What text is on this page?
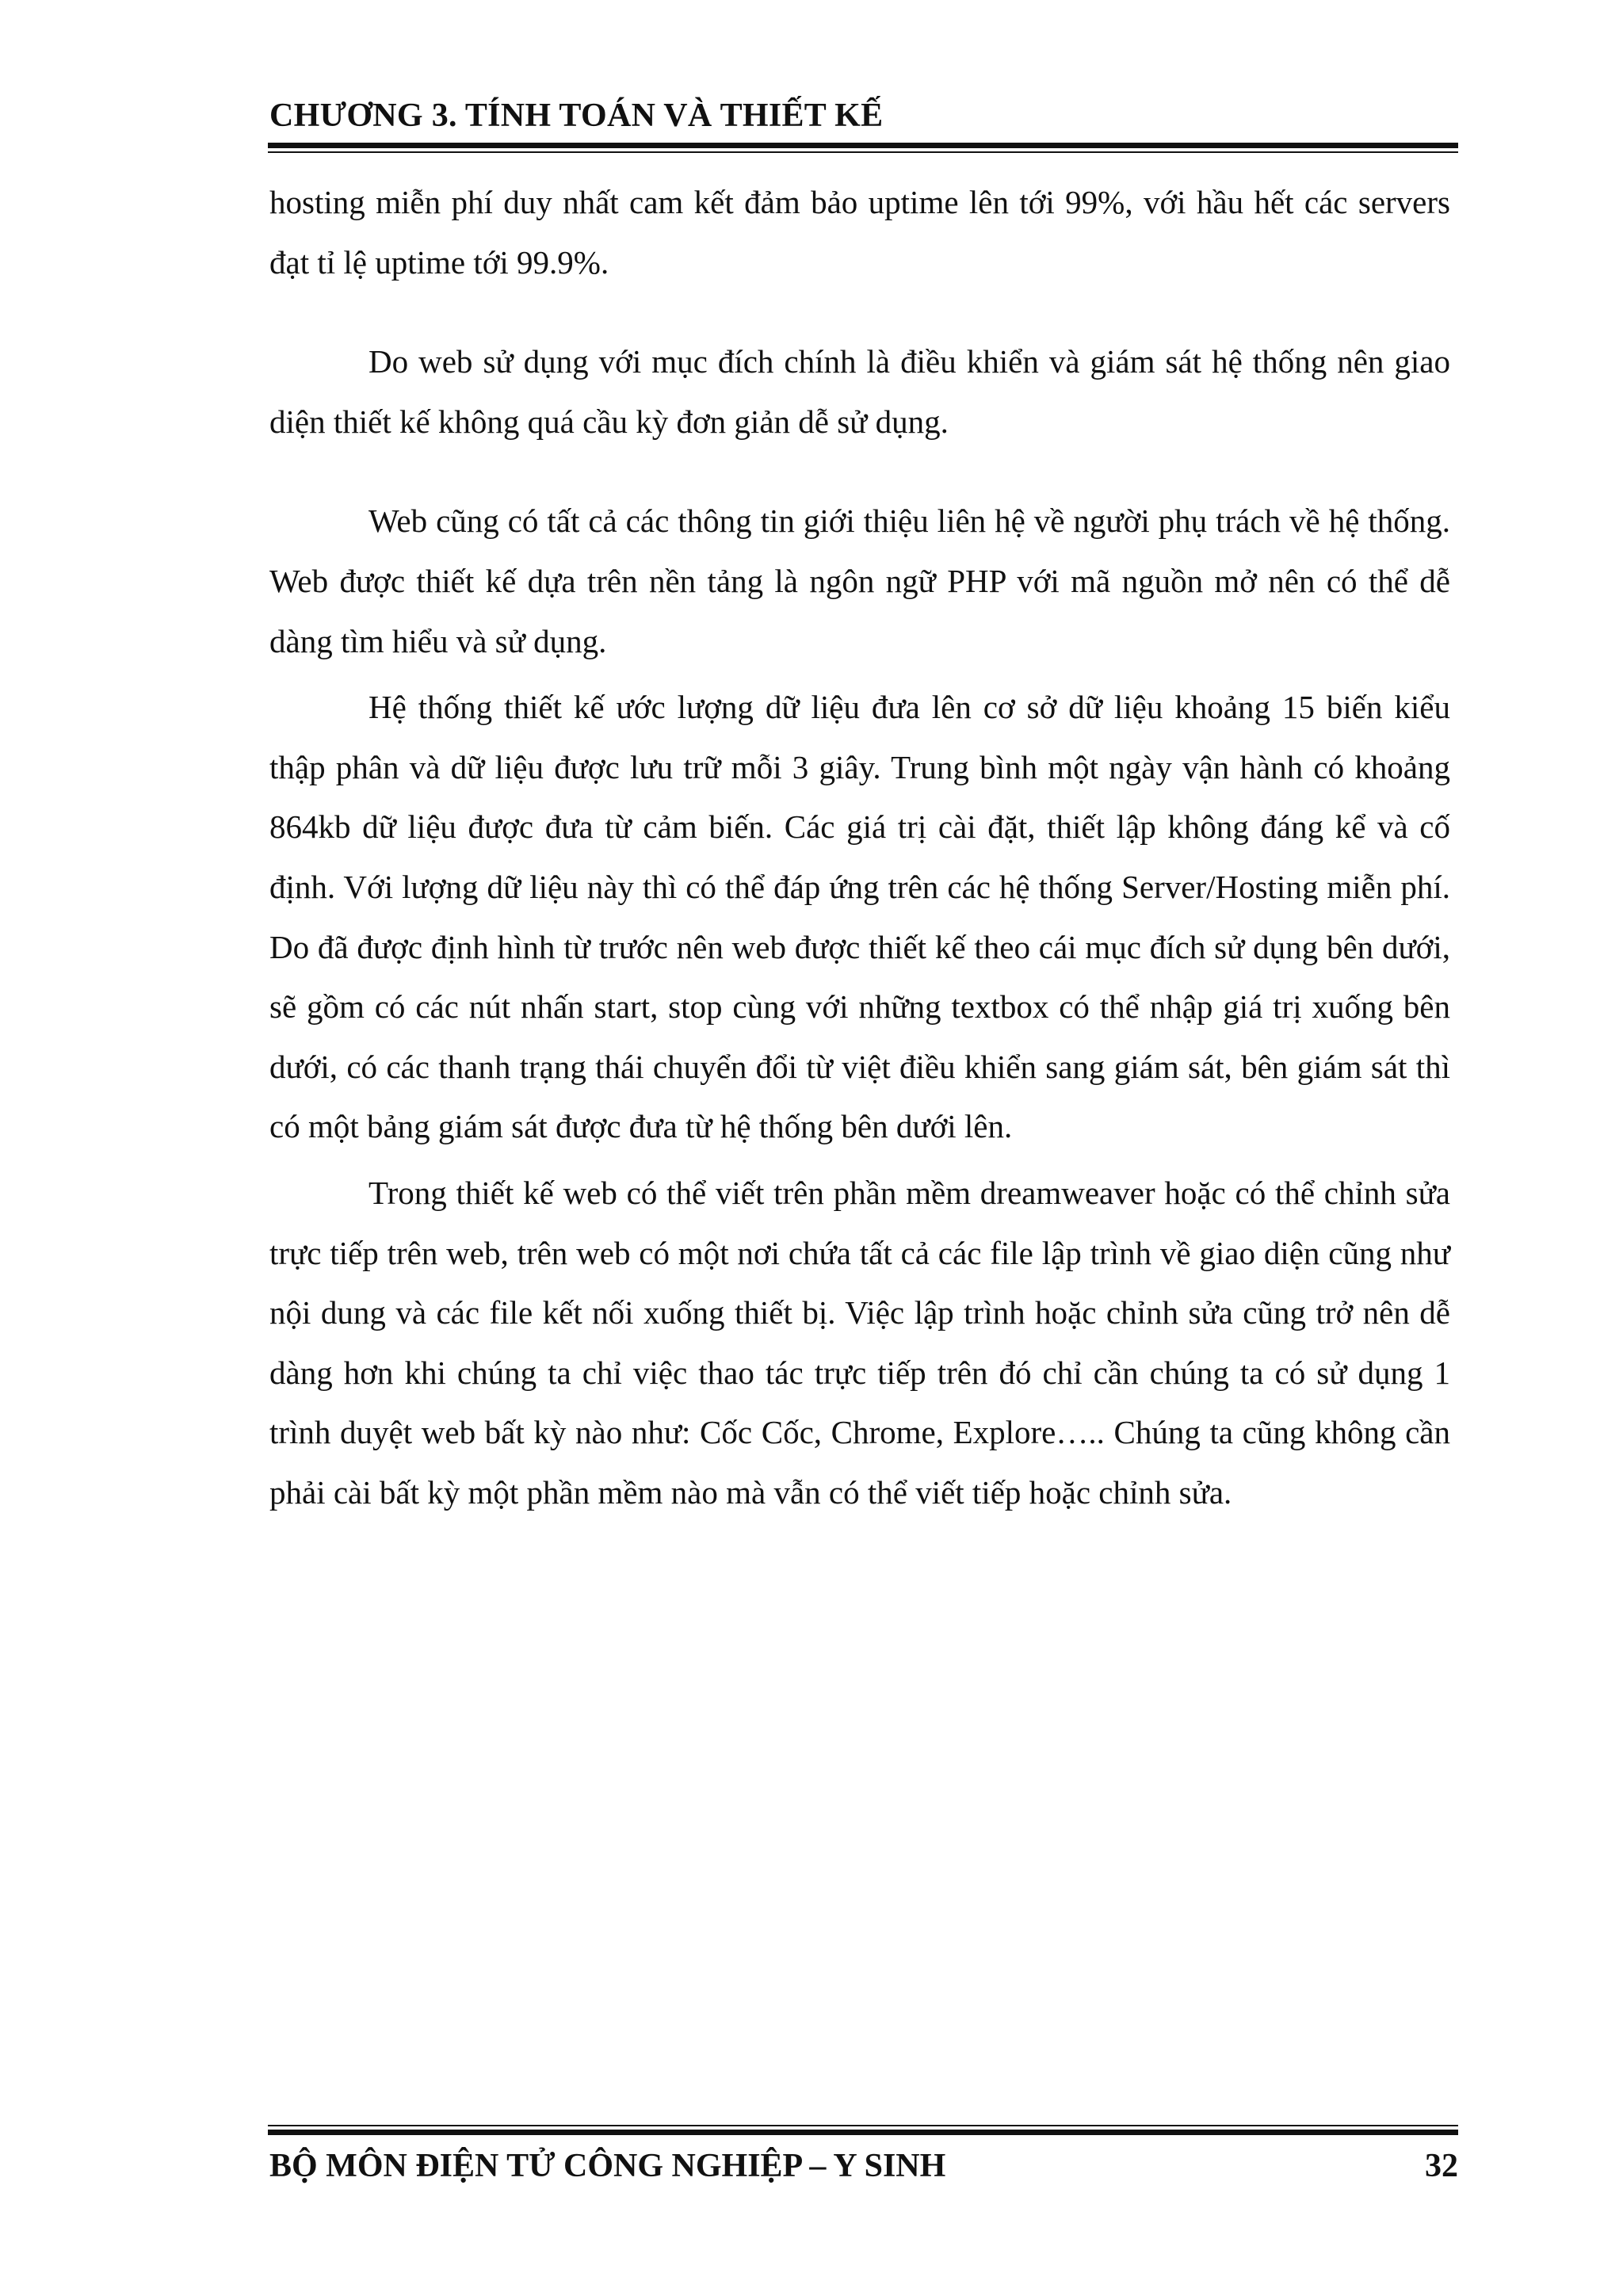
CHƯƠNG 3. TÍNH TOÁN VÀ THIẾT KẾ

hosting miễn phí duy nhất cam kết đảm bảo uptime lên tới 99%, với hầu hết các servers đạt tỉ lệ uptime tới 99.9%.

Do web sử dụng với mục đích chính là điều khiển và giám sát hệ thống nên giao diện thiết kế không quá cầu kỳ đơn giản dễ sử dụng.

Web cũng có tất cả các thông tin giới thiệu liên hệ về người phụ trách về hệ thống. Web được thiết kế dựa trên nền tảng là ngôn ngữ PHP với mã nguồn mở nên có thể dễ dàng tìm hiểu và sử dụng.

Hệ thống thiết kế ước lượng dữ liệu đưa lên cơ sở dữ liệu khoảng 15 biến kiểu thập phân và dữ liệu được lưu trữ mỗi 3 giây. Trung bình một ngày vận hành có khoảng 864kb dữ liệu được đưa từ cảm biến. Các giá trị cài đặt, thiết lập không đáng kể và cố định. Với lượng dữ liệu này thì có thể đáp ứng trên các hệ thống Server/Hosting miễn phí. Do đã được định hình từ trước nên web được thiết kế theo cái mục đích sử dụng bên dưới, sẽ gồm có các nút nhấn start, stop cùng với những textbox có thể nhập giá trị xuống bên dưới, có các thanh trạng thái chuyển đổi từ việt điều khiển sang giám sát, bên giám sát thì có một bảng giám sát được đưa từ hệ thống bên dưới lên.

Trong thiết kế web có thể viết trên phần mềm dreamweaver hoặc có thể chỉnh sửa trực tiếp trên web, trên web có một nơi chứa tất cả các file lập trình về giao diện cũng như nội dung và các file kết nối xuống thiết bị. Việc lập trình hoặc chỉnh sửa cũng trở nên dễ dàng hơn khi chúng ta chỉ việc thao tác trực tiếp trên đó chỉ cần chúng ta có sử dụng 1 trình duyệt web bất kỳ nào như: Cốc Cốc, Chrome, Explore….. Chúng ta cũng không cần phải cài bất kỳ một phần mềm nào mà vẫn có thể viết tiếp hoặc chỉnh sửa.

BỘ MÔN ĐIỆN TỬ CÔNG NGHIỆP – Y SINH	32
